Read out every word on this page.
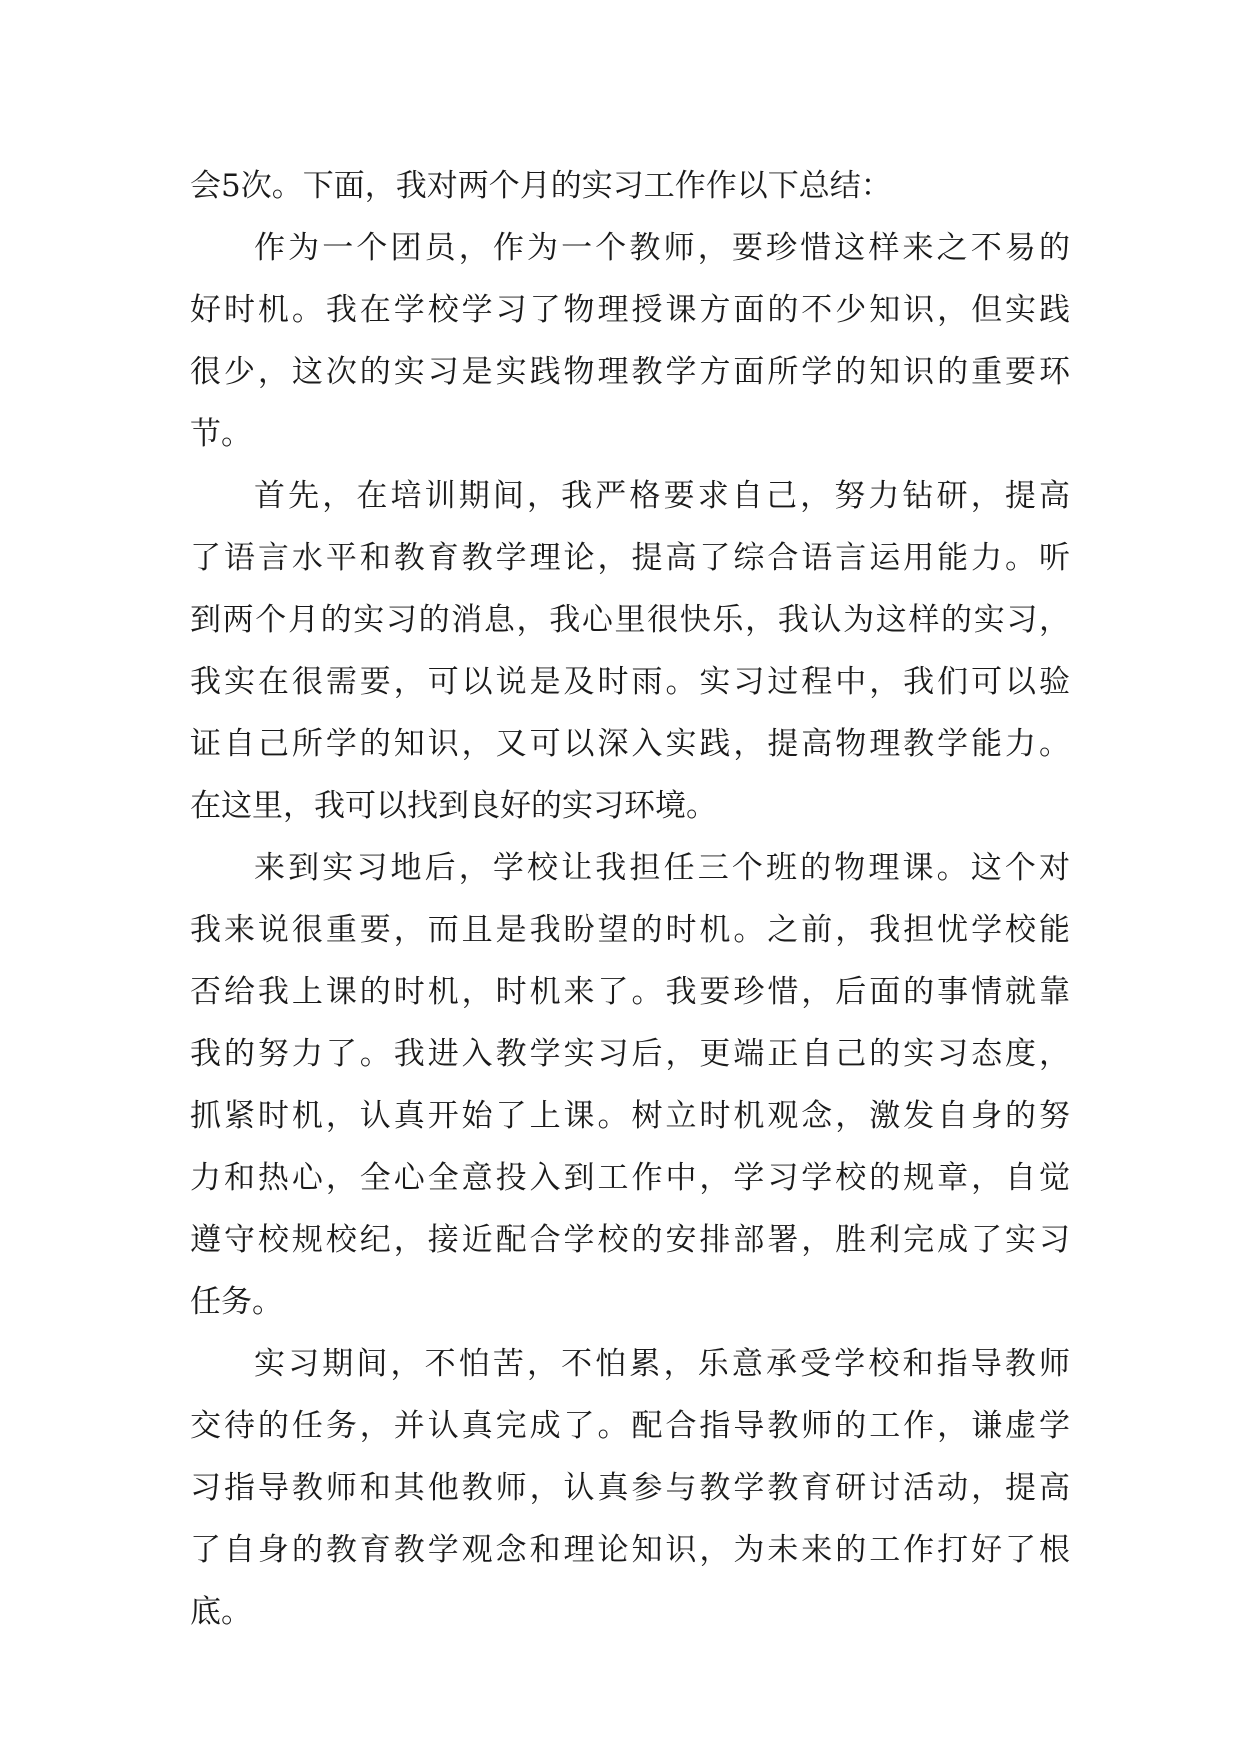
会5次。下面，我对两个月的实习工作作以下总结：
作为一个团员，作为一个教师，要珍惜这样来之不易的
好时机。我在学校学习了物理授课方面的不少知识，但实践
很少，这次的实习是实践物理教学方面所学的知识的重要环
节。
首先，在培训期间，我严格要求自己，努力钻研，提高
了语言水平和教育教学理论，提高了综合语言运用能力。听
到两个月的实习的消息，我心里很快乐，我认为这样的实习，
我实在很需要，可以说是及时雨。实习过程中，我们可以验
证自己所学的知识，又可以深入实践，提高物理教学能力。
在这里，我可以找到良好的实习环境。
来到实习地后，学校让我担任三个班的物理课。这个对
我来说很重要，而且是我盼望的时机。之前，我担忧学校能
否给我上课的时机，时机来了。我要珍惜，后面的事情就靠
我的努力了。我进入教学实习后，更端正自己的实习态度，
抓紧时机，认真开始了上课。树立时机观念，激发自身的努
力和热心，全心全意投入到工作中，学习学校的规章，自觉
遵守校规校纪，接近配合学校的安排部署，胜利完成了实习
任务。
实习期间，不怕苦，不怕累，乐意承受学校和指导教师
交待的任务，并认真完成了。配合指导教师的工作，谦虚学
习指导教师和其他教师，认真参与教学教育研讨活动，提高
了自身的教育教学观念和理论知识，为未来的工作打好了根
底。
